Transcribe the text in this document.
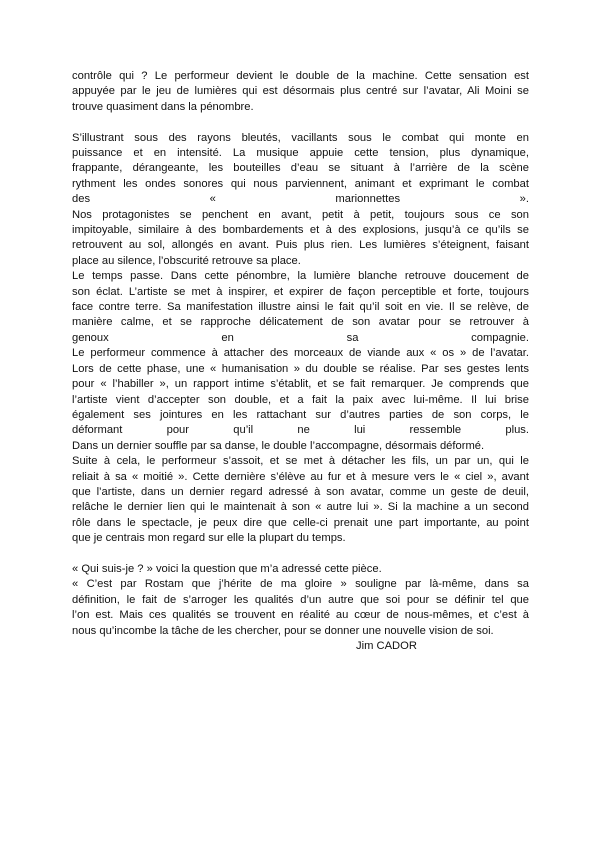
contrôle qui ? Le performeur devient le double de la machine. Cette sensation est
appuyée par le jeu de lumières qui est désormais plus centré sur l’avatar, Ali Moini se
trouve quasiment dans la pénombre.
S’illustrant sous des rayons bleutés, vacillants sous le combat qui monte en
puissance et en intensité. La musique appuie cette tension, plus dynamique,
frappante, dérangeante, les bouteilles d’eau se situant à l’arrière de la scène
rythment les ondes sonores qui nous parviennent, animant et exprimant le combat
des « marionnettes ».
Nos protagonistes se penchent en avant, petit à petit, toujours sous ce son
impitoyable, similaire à des bombardements et à des explosions, jusqu’à ce qu’ils se
retrouvent au sol, allongés en avant. Puis plus rien. Les lumières s’éteignent, faisant
place au silence, l’obscurité retrouve sa place.
Le temps passe. Dans cette pénombre, la lumière blanche retrouve doucement de
son éclat. L’artiste se met à inspirer, et expirer de façon perceptible et forte, toujours
face contre terre. Sa manifestation illustre ainsi le fait qu’il soit en vie. Il se relève, de
manière calme, et se rapproche délicatement de son avatar pour se retrouver à
genoux en sa compagnie.
Le performeur commence à attacher des morceaux de viande aux « os » de l’avatar.
Lors de cette phase, une « humanisation » du double se réalise. Par ses gestes lents
pour « l’habiller », un rapport intime s’établit, et se fait remarquer. Je comprends que
l’artiste vient d’accepter son double, et a fait la paix avec lui-même. Il lui brise
également ses jointures en les rattachant sur d’autres parties de son corps, le
déformant pour qu’il ne lui ressemble plus.
Dans un dernier souffle par sa danse, le double l’accompagne, désormais déformé.
Suite à cela, le performeur s’assoit, et se met à détacher les fils, un par un, qui le
reliait à sa « moitié ». Cette dernière s’élève au fur et à mesure vers le « ciel », avant
que l’artiste, dans un dernier regard adressé à son avatar, comme un geste de deuil,
relâche le dernier lien qui le maintenait à son « autre lui ». Si la machine a un second
rôle dans le spectacle, je peux dire que celle-ci prenait une part importante, au point
que je centrais mon regard sur elle la plupart du temps.
« Qui suis-je ? » voici la question que m’a adressé cette pièce.
« C’est par Rostam que j’hérite de ma gloire » souligne par là-même, dans sa
définition, le fait de s’arroger les qualités d’un autre que soi pour se définir tel que
l’on est. Mais ces qualités se trouvent en réalité au cœur de nous-mêmes, et c’est à
nous qu’incombe la tâche de les chercher, pour se donner une nouvelle vision de soi.
Jim CADOR
